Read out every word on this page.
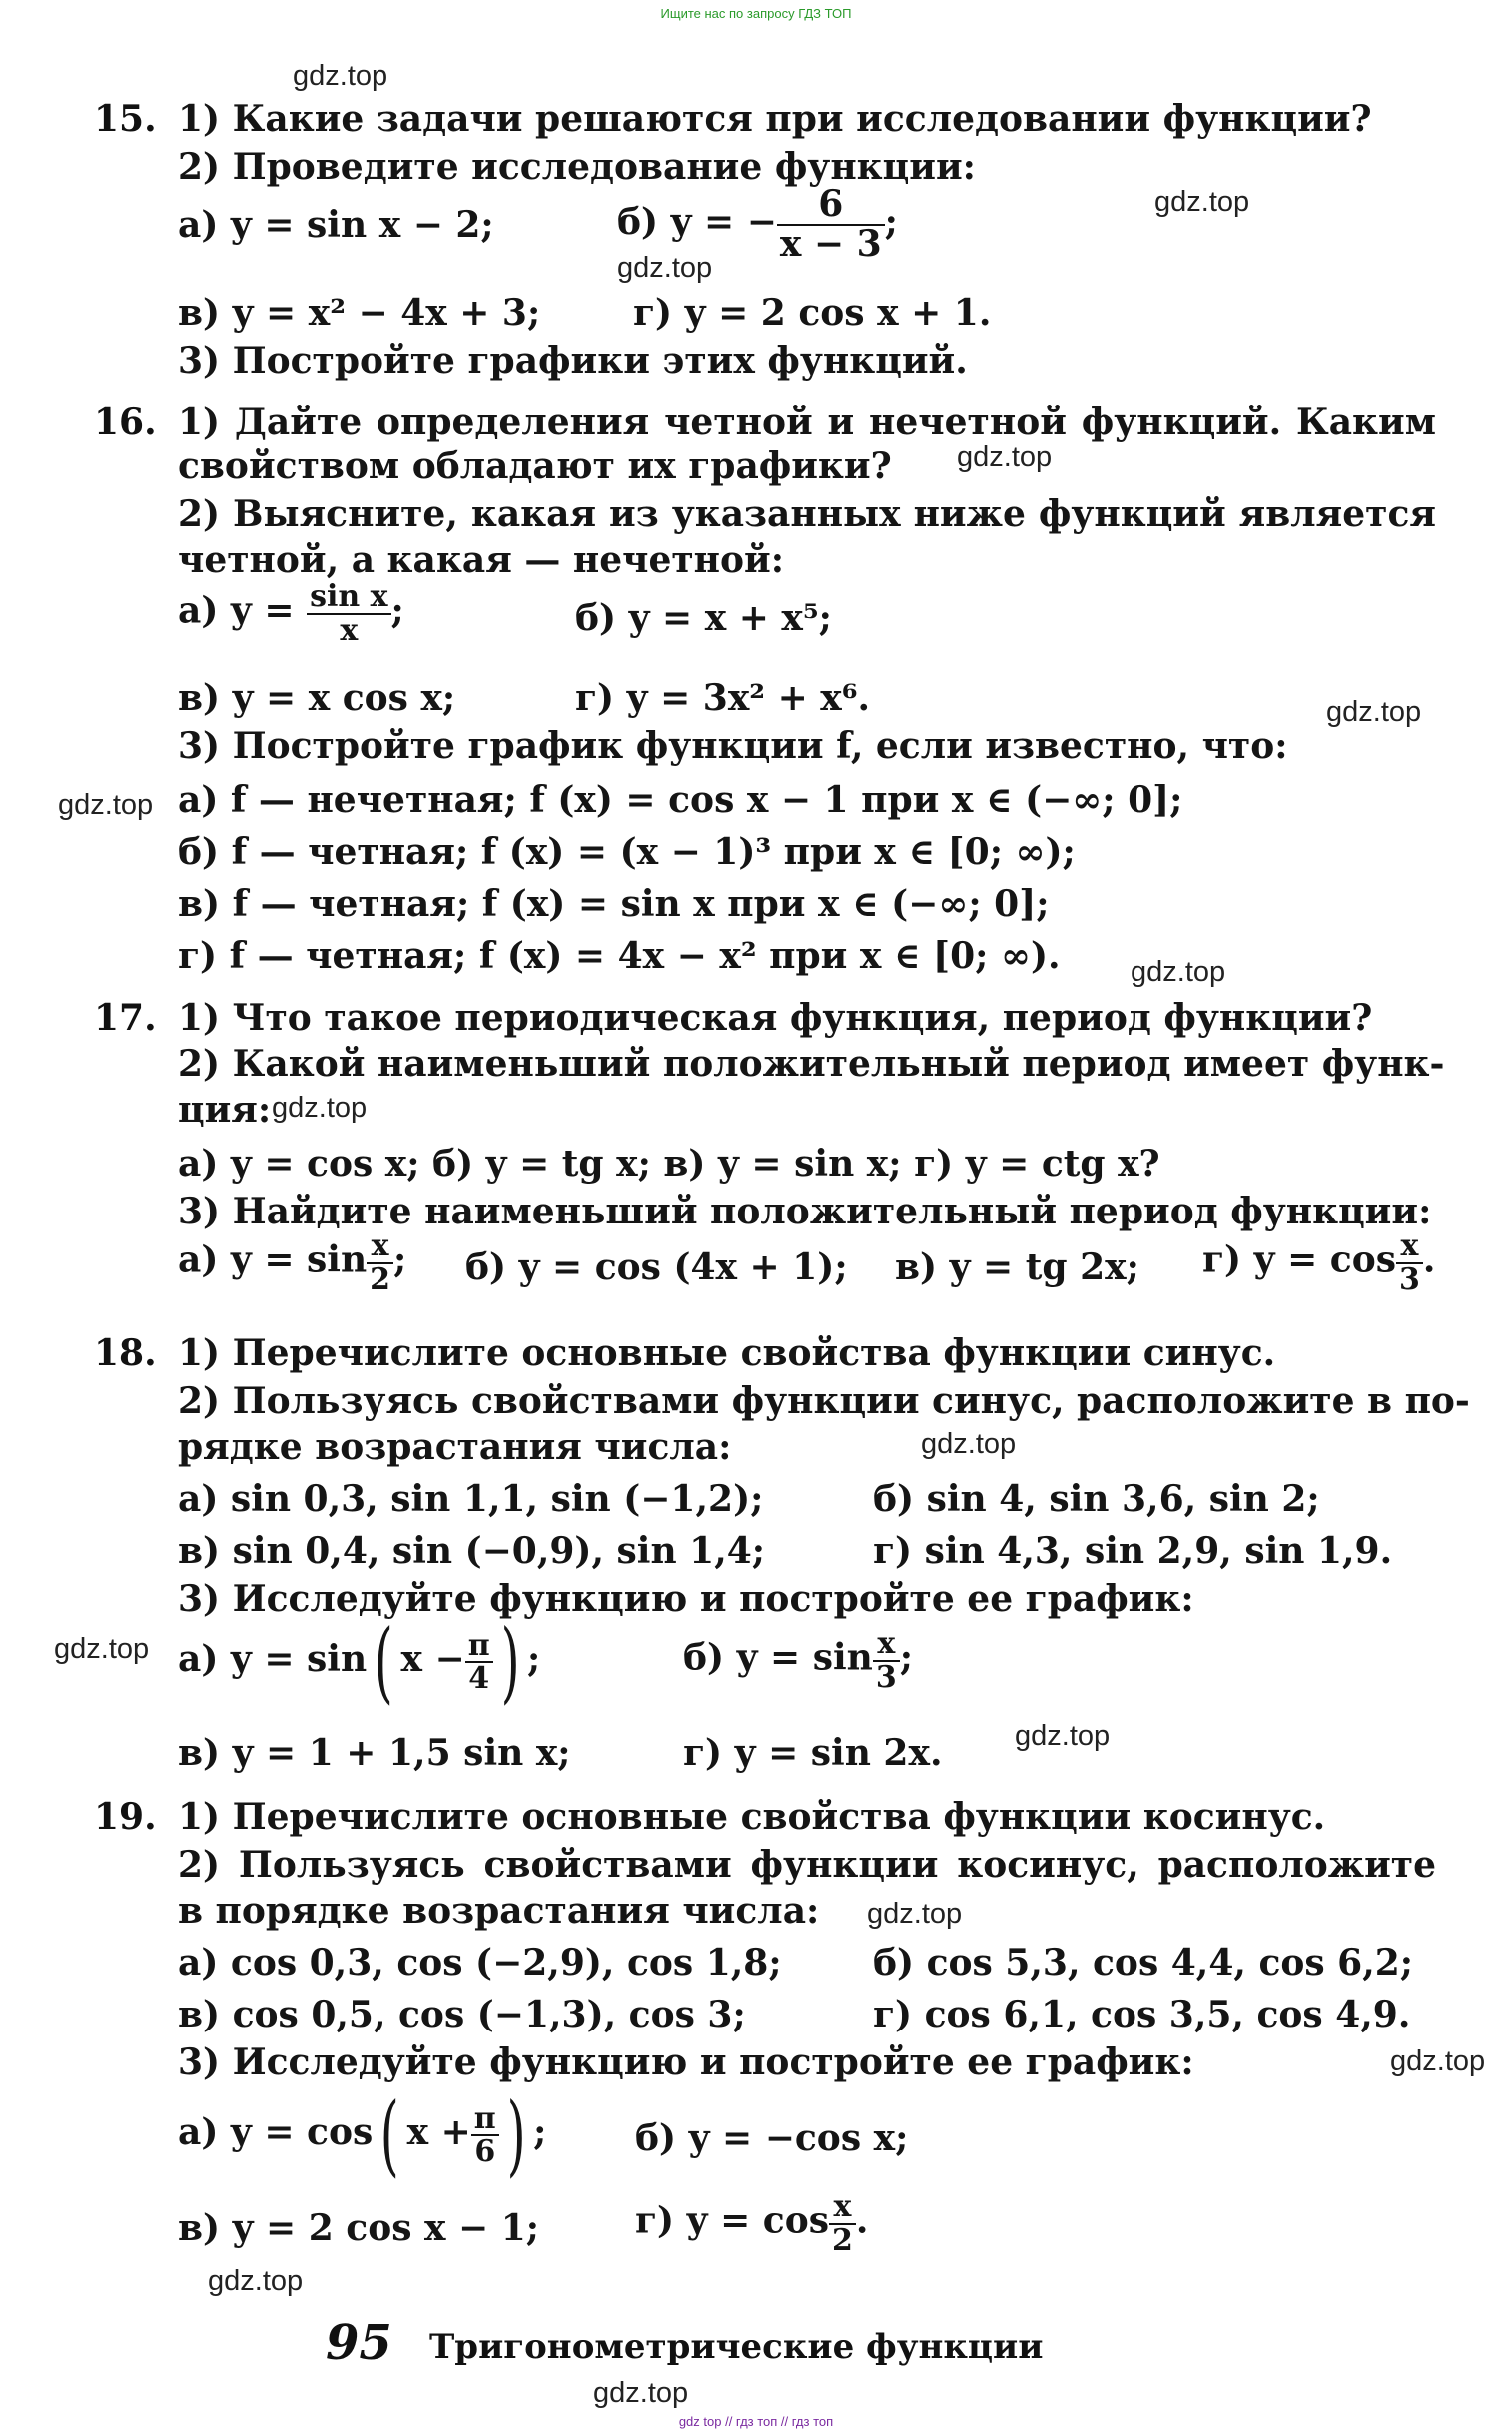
Ищите нас по запросу ГДЗ ТОП
gdz.top
gdz.top
gdz.top
gdz.top
gdz.top
gdz.top
gdz.top
gdz.top
gdz.top
gdz.top
gdz.top
gdz.top
gdz.top
gdz.top
gdz.top
15. 1) Какие задачи решаются при исследовании функции?
2) Проведите исследование функции:
а) y = sin x − 2;	б) y = − $\frac{6}{x - 3}$ ;
в) y = x² − 4x + 3;	г) y = 2 cos x + 1.
3) Постройте графики этих функций.
16. 1) Дайте определения четной и нечетной функций. Каким
свойством обладают их графики?
2) Выясните, какая из указанных ниже функций является
четной, а какая — нечетной:
а) $y = \frac{\text{sin x}}{x}$ ;	б) y = x + x⁵;
в) y = x cos x;	г) y = 3x² + x⁶.
3) Постройте график функции f, если известно, что:
а) f — нечетная; f (x) = cos x − 1 при x ∈ (−∞; 0];
б) f — четная; f (x) = (x − 1)³ при x ∈ [0; ∞);
в) f — четная; f (x) = sin x при x ∈ (−∞; 0];
г) f — четная; f (x) = 4x − x² при x ∈ [0; ∞).
17. 1) Что такое периодическая функция, период функции?
2) Какой наименьший положительный период имеет функ-
ция:
а) y = cos x; б) y = tg x; в) y = sin x; г) y = ctg x?
3) Найдите наименьший положительный период функции:
а) $y = \sin \frac{x}{2}$ ; б) y = cos (4x + 1); в) y = tg 2x; г) $y = \cos \frac{x}{3}$ .
18. 1) Перечислите основные свойства функции синус.
2) Пользуясь свойствами функции синус, расположите в по-
рядке возрастания числа:
а) sin 0,3, sin 1,1, sin (−1,2);	б) sin 4, sin 3,6, sin 2;
в) sin 0,4, sin (−0,9), sin 1,4;	г) sin 4,3, sin 2,9, sin 1,9.
3) Исследуйте функцию и постройте ее график:
а) y = sin( $x - \frac{\pi}{4}$ ) ;	б) $y = \sin \frac{x}{3}$ ;
в) y = 1 + 1,5 sin x;	г) y = sin 2x.
19. 1) Перечислите основные свойства функции косинус.
2) Пользуясь свойствами функции косинус, расположите
в порядке возрастания числа:
а) cos 0,3, cos (−2,9), cos 1,8;	б) cos 5,3, cos 4,4, cos 6,2;
в) cos 0,5, cos (−1,3), cos 3;	г) cos 6,1, cos 3,5, cos 4,9.
3) Исследуйте функцию и постройте ее график:
а) y = cos( $x + \frac{\pi}{6}$ ) ; б) y = −cos x;
в) y = 2 cos x − 1;	г) $y = \cos \frac{x}{2}$ .
95 Тригонометрические функции
gdz top // гдз топ // гдз топ
